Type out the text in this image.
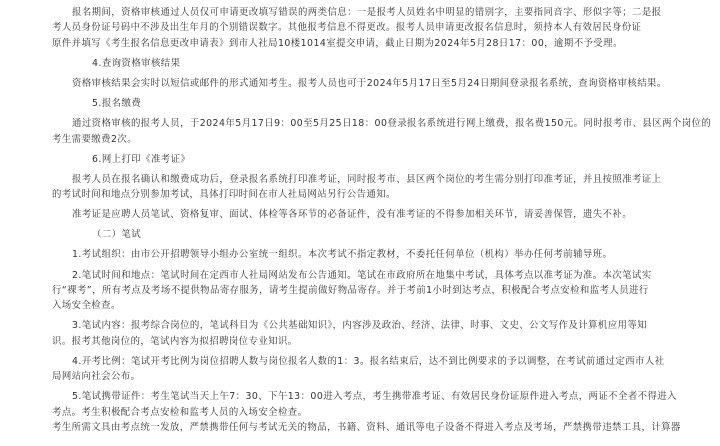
报名期间，资格审核通过人员仅可申请更改填写错误的两类信息：一是报考人员姓名中明显的错别字，主要指同音字、形似字等；二是报
考人员身份证号码中不涉及出生年月的个别错误数字。其他报考信息不得更改。报考人员申请更改报名信息时，须持本人有效居民身份证
原件并填写《考生报名信息更改申请表》到市人社局10楼1014室提交申请，截止日期为2024年5月28日17：00，逾期不予受理。
4.查询资格审核结果
资格审核结果会实时以短信或邮件的形式通知考生。报考人员也可于2024年5月17日至5月24日期间登录报名系统，查询资格审核结果。
5.报名缴费
通过资格审核的报考人员，于2024年5月17日9：00至5月25日18：00登录报名系统进行网上缴费，报名费150元。同时报考市、县区两个岗位的
考生需要缴费2次。
6.网上打印《准考证》
报考人员在报名确认和缴费成功后，登录报名系统打印准考证，同时报考市、县区两个岗位的考生需分别打印准考证，并且按照准考证上
的考试时间和地点分别参加考试，具体打印时间在市人社局网站另行公告通知。
准考证是应聘人员笔试、资格复审、面试、体检等各环节的必备证件，没有准考证的不得参加相关环节，请妥善保管，遗失不补。
（二）笔试
1.考试组织：由市公开招聘领导小组办公室统一组织。本次考试不指定教材，不委托任何单位（机构）举办任何考前辅导班。
2.笔试时间和地点：笔试时间在定西市人社局网站发布公告通知。笔试在市政府所在地集中考试，具体考点以准考证为准。本次笔试实
行“裸考”，所有考点及考场不提供物品寄存服务，请考生提前做好物品寄存。并于考前1小时到达考点，积极配合考点安检和监考人员进行
入场安全检查。
3.笔试内容：报考综合岗位的，笔试科目为《公共基础知识》，内容涉及政治、经济、法律、时事、文史、公文写作及计算机应用等知
识。报考其他岗位的，笔试内容为拟招聘岗位专业知识。
4.开考比例：笔试开考比例为岗位招聘人数与岗位报名人数的1：3。报名结束后，达不到比例要求的予以调整，在考试前通过定西市人社
局网站向社会公布。
5.笔试携带证件：考生笔试当天上午7：30、下午13：00进入考点，考生携带准考证、有效居民身份证原件进入考点，两证不全者不得进入
考点。考生积极配合考点安检和监考人员的入场安全检查。
考生所需文具由考点统一发放，严禁携带任何与考试无关的物品，书籍、资料、通讯等电子设备不得进入考点及考场，严禁携带违禁工具，计算器
